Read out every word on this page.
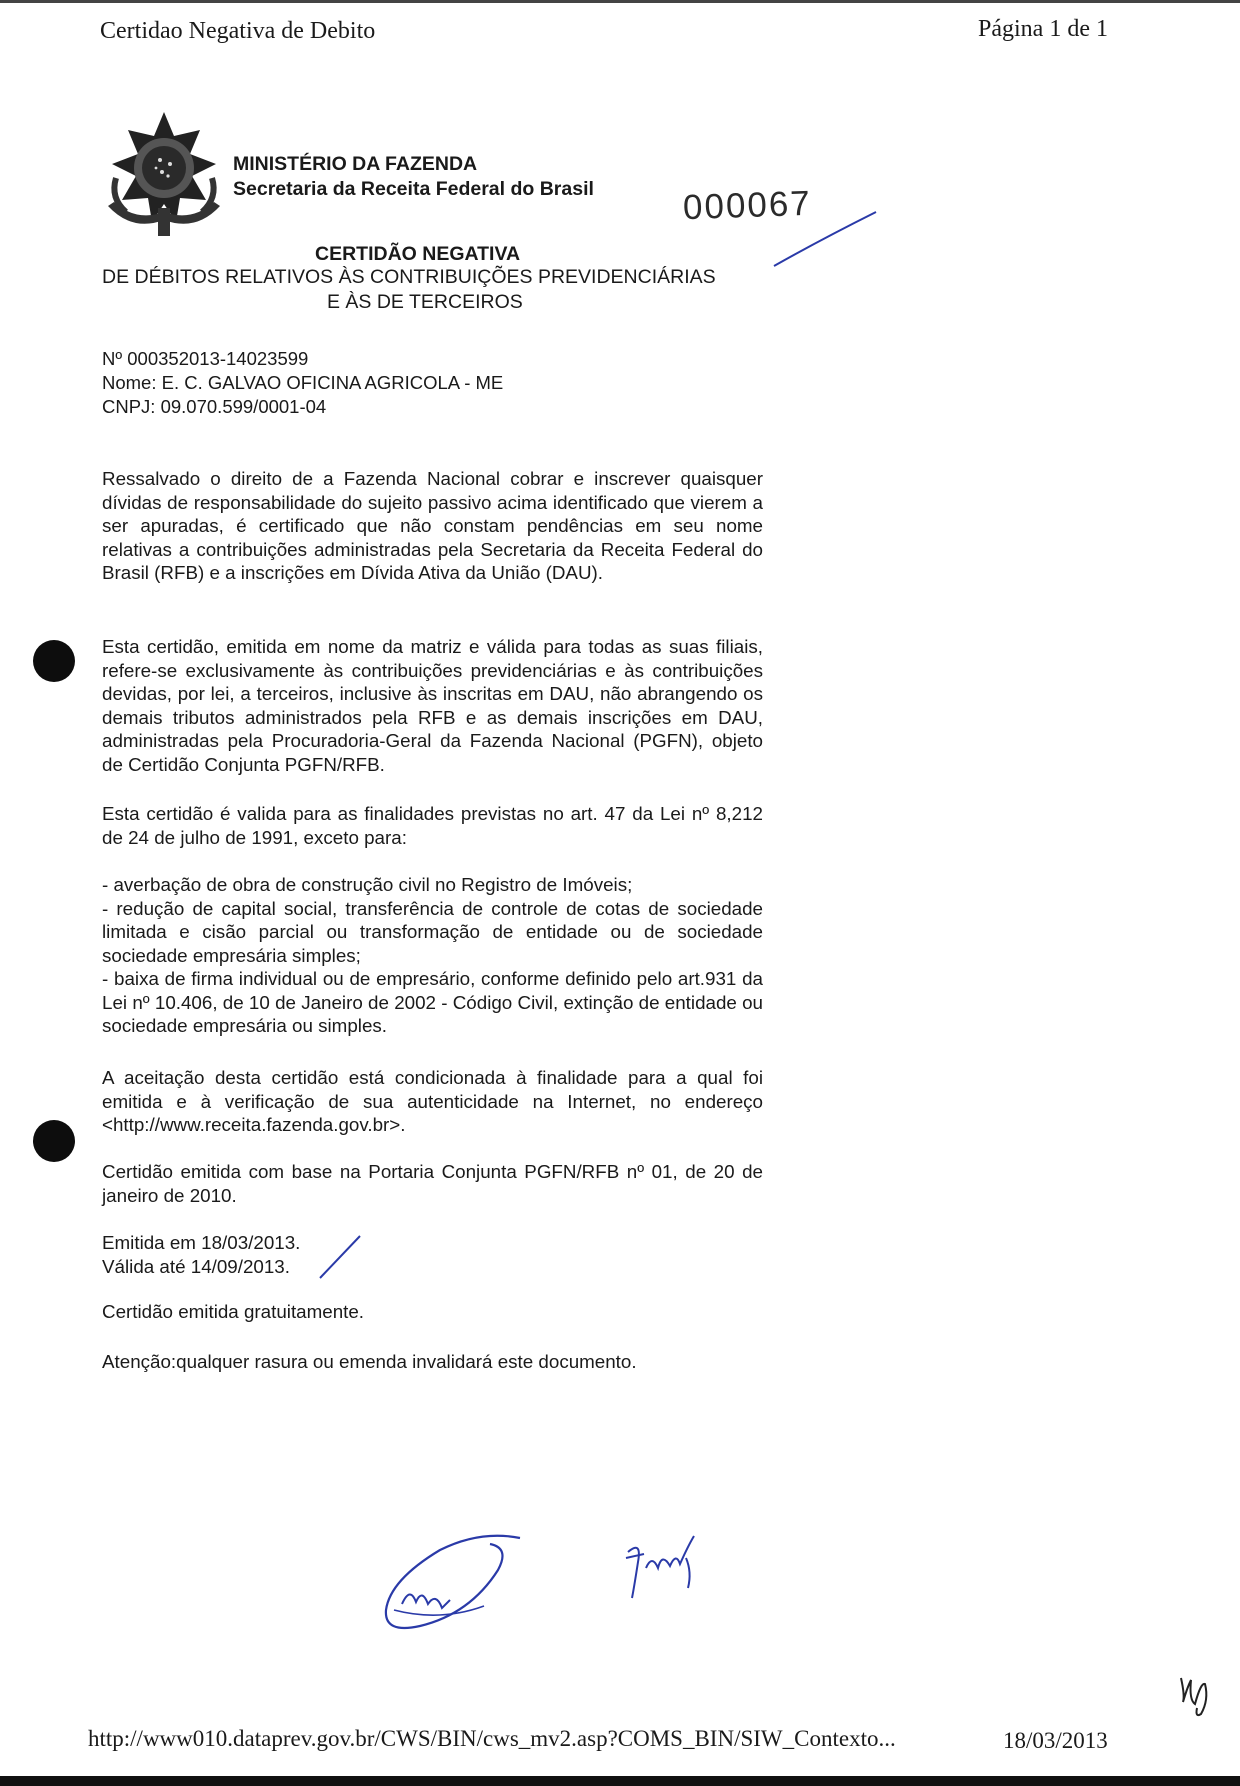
Certidao Negativa de Debito	Página 1 de 1
MINISTÉRIO DA FAZENDA
Secretaria da Receita Federal do Brasil	000067
CERTIDÃO NEGATIVA
DE DÉBITOS RELATIVOS ÀS CONTRIBUIÇÕES PREVIDENCIÁRIAS
E ÀS DE TERCEIROS
Nº 000352013-14023599
Nome: E. C. GALVAO OFICINA AGRICOLA - ME
CNPJ: 09.070.599/0001-04

Ressalvado o direito de a Fazenda Nacional cobrar e inscrever quaisquer dívidas de responsabilidade do sujeito passivo acima identificado que vierem a ser apuradas, é certificado que não constam pendências em seu nome relativas a contribuições administradas pela Secretaria da Receita Federal do Brasil (RFB) e a inscrições em Dívida Ativa da União (DAU).

Esta certidão, emitida em nome da matriz e válida para todas as suas filiais, refere-se exclusivamente às contribuições previdenciárias e às contribuições devidas, por lei, a terceiros, inclusive às inscritas em DAU, não abrangendo os demais tributos administrados pela RFB e as demais inscrições em DAU, administradas pela Procuradoria-Geral da Fazenda Nacional (PGFN), objeto de Certidão Conjunta PGFN/RFB.

Esta certidão é valida para as finalidades previstas no art. 47 da Lei nº 8,212 de 24 de julho de 1991, exceto para:

- averbação de obra de construção civil no Registro de Imóveis;

- redução de capital social, transferência de controle de cotas de sociedade limitada e cisão parcial ou transformação de entidade ou de sociedade sociedade empresária simples;

- baixa de firma individual ou de empresário, conforme definido pelo art.931 da Lei nº 10.406, de 10 de Janeiro de 2002 - Código Civil, extinção de entidade ou sociedade empresária ou simples.

A aceitação desta certidão está condicionada à finalidade para a qual foi emitida e à verificação de sua autenticidade na Internet, no endereço <http://www.receita.fazenda.gov.br>.

Certidão emitida com base na Portaria Conjunta PGFN/RFB nº 01, de 20 de janeiro de 2010.

Emitida em 18/03/2013.

Válida até 14/09/2013.

Certidão emitida gratuitamente.

Atenção:qualquer rasura ou emenda invalidará este documento.

http://www010.dataprev.gov.br/CWS/BIN/cws_mv2.asp?COMS_BIN/SIW_Contexto...	18/03/2013
